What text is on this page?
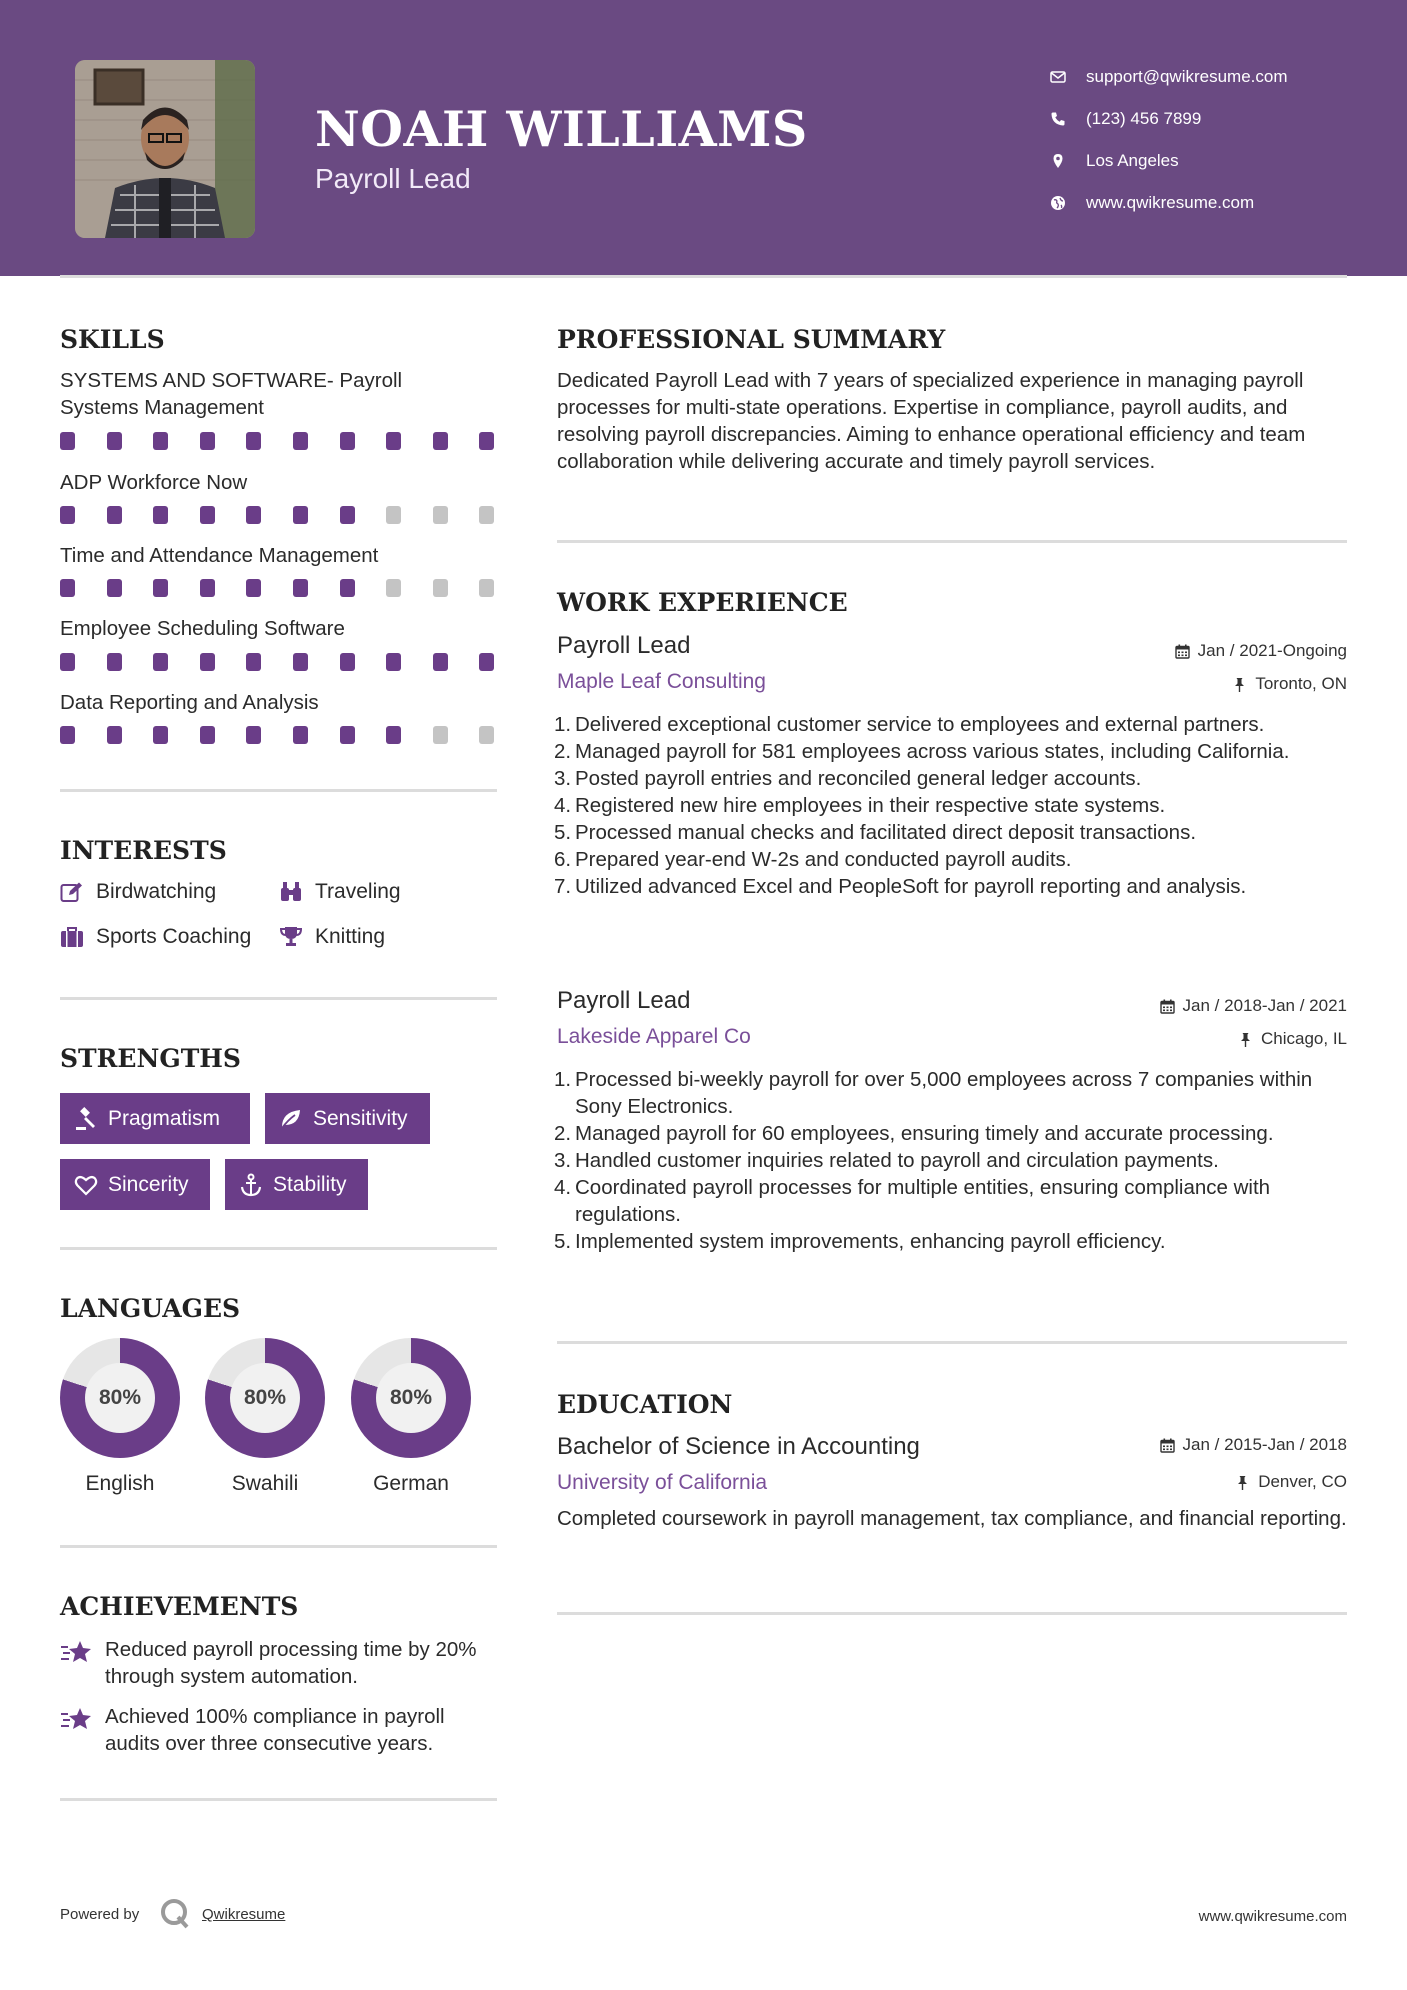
NOAH WILLIAMS
Payroll Lead
support@qwikresume.com
(123) 456 7899
Los Angeles
www.qwikresume.com
SKILLS
SYSTEMS AND SOFTWARE- Payroll Systems Management
ADP Workforce Now
Time and Attendance Management
Employee Scheduling Software
Data Reporting and Analysis
INTERESTS
Birdwatching	Traveling
Sports Coaching	Knitting
STRENGTHS
Pragmatism	Sensitivity
Sincerity	Stability
LANGUAGES
80%
English
80%
Swahili
80%
German
ACHIEVEMENTS
Reduced payroll processing time by 20% through system automation.
Achieved 100% compliance in payroll audits over three consecutive years.
PROFESSIONAL SUMMARY
Dedicated Payroll Lead with 7 years of specialized experience in managing payroll processes for multi-state operations. Expertise in compliance, payroll audits, and resolving payroll discrepancies. Aiming to enhance operational efficiency and team collaboration while delivering accurate and timely payroll services.
WORK EXPERIENCE
Payroll Lead	Jan / 2021-Ongoing
Maple Leaf Consulting	Toronto, ON
1. Delivered exceptional customer service to employees and external partners.
2. Managed payroll for 581 employees across various states, including California.
3. Posted payroll entries and reconciled general ledger accounts.
4. Registered new hire employees in their respective state systems.
5. Processed manual checks and facilitated direct deposit transactions.
6. Prepared year-end W-2s and conducted payroll audits.
7. Utilized advanced Excel and PeopleSoft for payroll reporting and analysis.
Payroll Lead	Jan / 2018-Jan / 2021
Lakeside Apparel Co	Chicago, IL
1. Processed bi-weekly payroll for over 5,000 employees across 7 companies within Sony Electronics.
2. Managed payroll for 60 employees, ensuring timely and accurate processing.
3. Handled customer inquiries related to payroll and circulation payments.
4. Coordinated payroll processes for multiple entities, ensuring compliance with regulations.
5. Implemented system improvements, enhancing payroll efficiency.
EDUCATION
Bachelor of Science in Accounting	Jan / 2015-Jan / 2018
University of California	Denver, CO
Completed coursework in payroll management, tax compliance, and financial reporting.
Powered by	Qwikresume	www.qwikresume.com
